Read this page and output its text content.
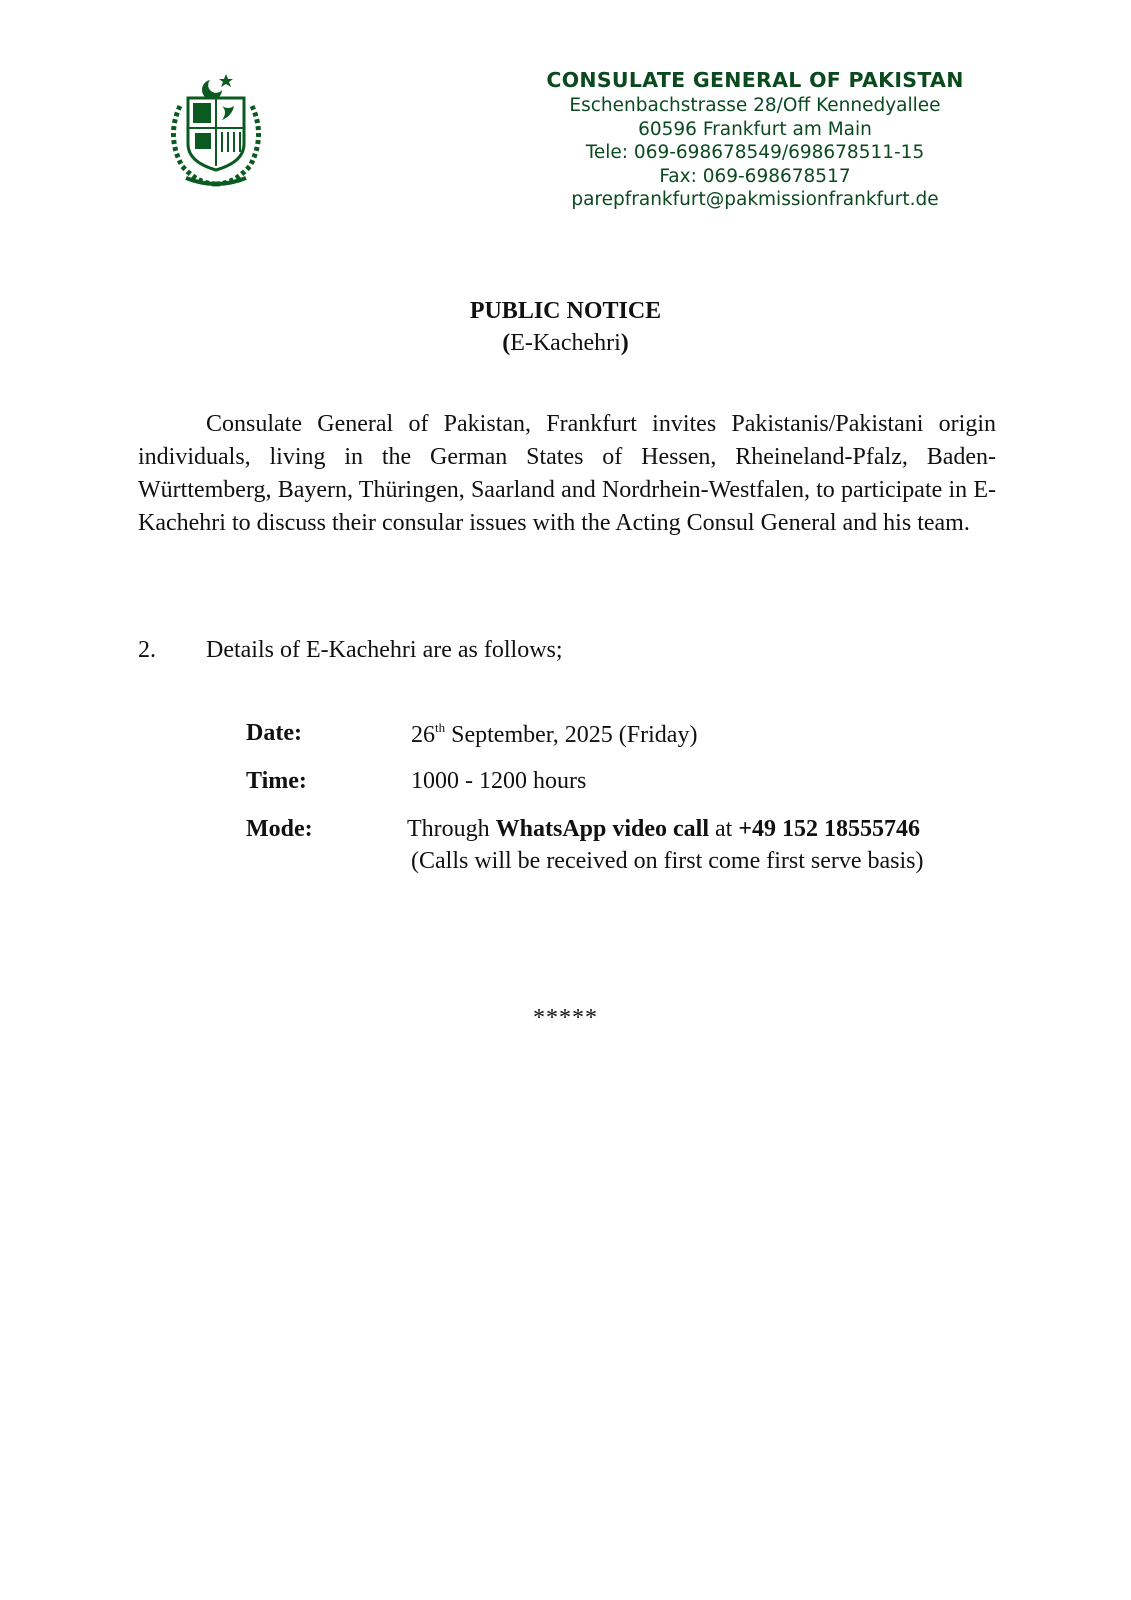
CONSULATE GENERAL OF PAKISTAN
Eschenbachstrasse 28/Off Kennedyallee
60596 Frankfurt am Main
Tele: 069-698678549/698678511-15
Fax: 069-698678517
parepfrankfurt@pakmissionfrankfurt.de
PUBLIC NOTICE
(E-Kachehri)
Consulate General of Pakistan, Frankfurt invites Pakistanis/Pakistani origin individuals, living in the German States of Hessen, Rheineland-Pfalz, Baden-Württemberg, Bayern, Thüringen, Saarland and Nordrhein-Westfalen, to participate in E-Kachehri to discuss their consular issues with the Acting Consul General and his team.
2. Details of E-Kachehri are as follows;
Date:	26th September, 2025 (Friday)
Time:	1000 - 1200 hours
Mode:	Through WhatsApp video call at +49 152 18555746
(Calls will be received on first come first serve basis)
*****
